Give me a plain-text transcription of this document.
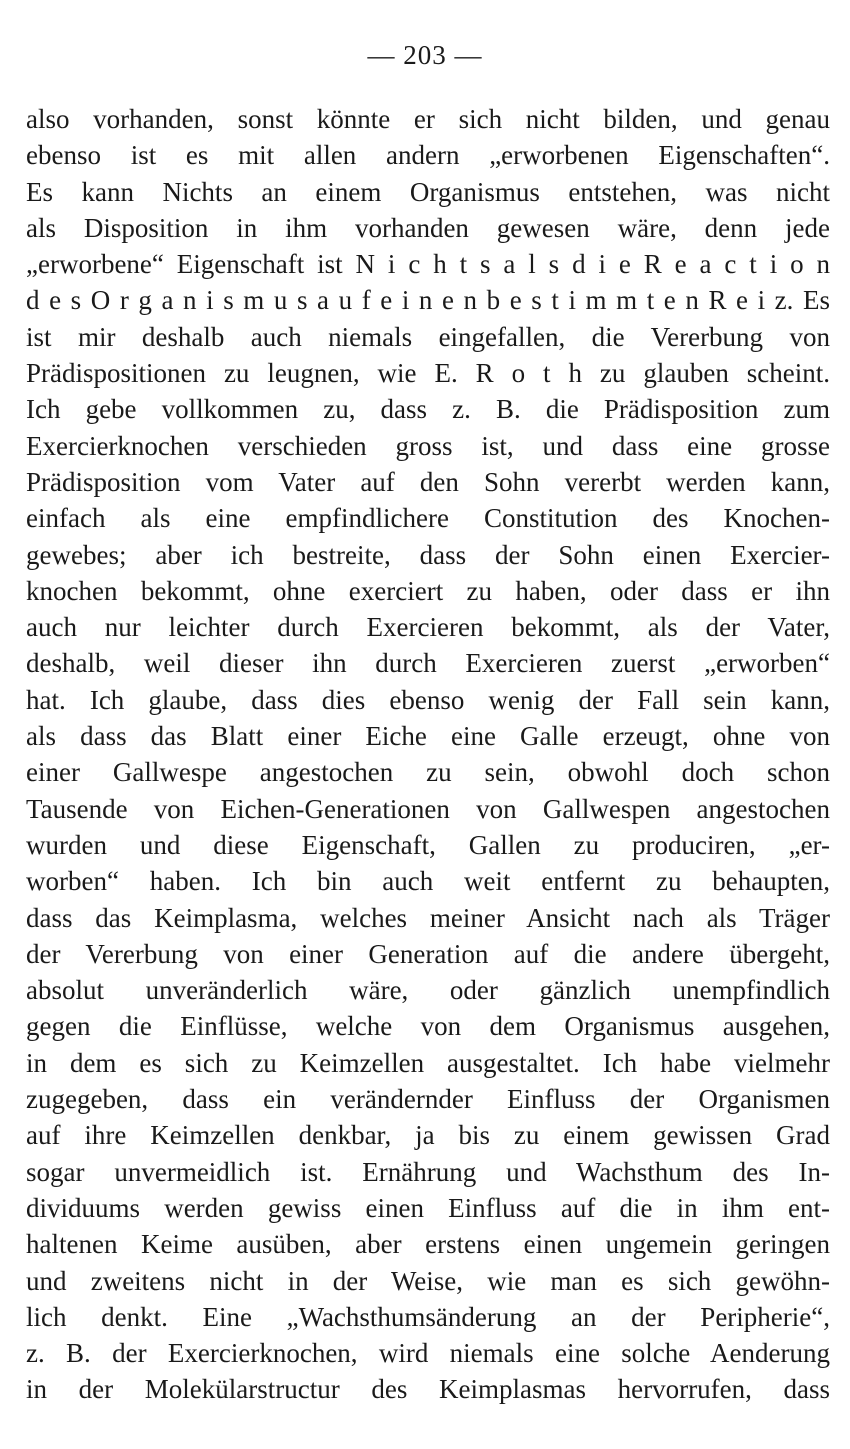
— 203 —
also vorhanden, sonst könnte er sich nicht bilden, und genau
ebenso ist es mit allen andern „erworbenen Eigenschaften“.
Es kann Nichts an einem Organismus entstehen, was nicht
als Disposition in ihm vorhanden gewesen wäre, denn jede
„erworbene“ Eigenschaft ist N i c h t s a l s d i e R e a c t i o n
d e s O r g a n i s m u s a u f e i n e n b e s t i m m t e n R e i z. Es
ist mir deshalb auch niemals eingefallen, die Vererbung von
Prädispositionen zu leugnen, wie E. R o t h zu glauben scheint.
Ich gebe vollkommen zu, dass z. B. die Prädisposition zum
Exercierknochen verschieden gross ist, und dass eine grosse
Prädisposition vom Vater auf den Sohn vererbt werden kann,
einfach als eine empfindlichere Constitution des Knochen-
gewebes; aber ich bestreite, dass der Sohn einen Exercier-
knochen bekommt, ohne exerciert zu haben, oder dass er ihn
auch nur leichter durch Exercieren bekommt, als der Vater,
deshalb, weil dieser ihn durch Exercieren zuerst „erworben“
hat. Ich glaube, dass dies ebenso wenig der Fall sein kann,
als dass das Blatt einer Eiche eine Galle erzeugt, ohne von
einer Gallwespe angestochen zu sein, obwohl doch schon
Tausende von Eichen-Generationen von Gallwespen angestochen
wurden und diese Eigenschaft, Gallen zu produciren, „er-
worben“ haben. Ich bin auch weit entfernt zu behaupten,
dass das Keimplasma, welches meiner Ansicht nach als Träger
der Vererbung von einer Generation auf die andere übergeht,
absolut unveränderlich wäre, oder gänzlich unempfindlich
gegen die Einflüsse, welche von dem Organismus ausgehen,
in dem es sich zu Keimzellen ausgestaltet. Ich habe vielmehr
zugegeben, dass ein verändernder Einfluss der Organismen
auf ihre Keimzellen denkbar, ja bis zu einem gewissen Grad
sogar unvermeidlich ist. Ernährung und Wachsthum des In-
dividuums werden gewiss einen Einfluss auf die in ihm ent-
haltenen Keime ausüben, aber erstens einen ungemein geringen
und zweitens nicht in der Weise, wie man es sich gewöhn-
lich denkt. Eine „Wachsthumsänderung an der Peripherie“,
z. B. der Exercierknochen, wird niemals eine solche Aenderung
in der Molekülarstructur des Keimplasmas hervorrufen, dass
